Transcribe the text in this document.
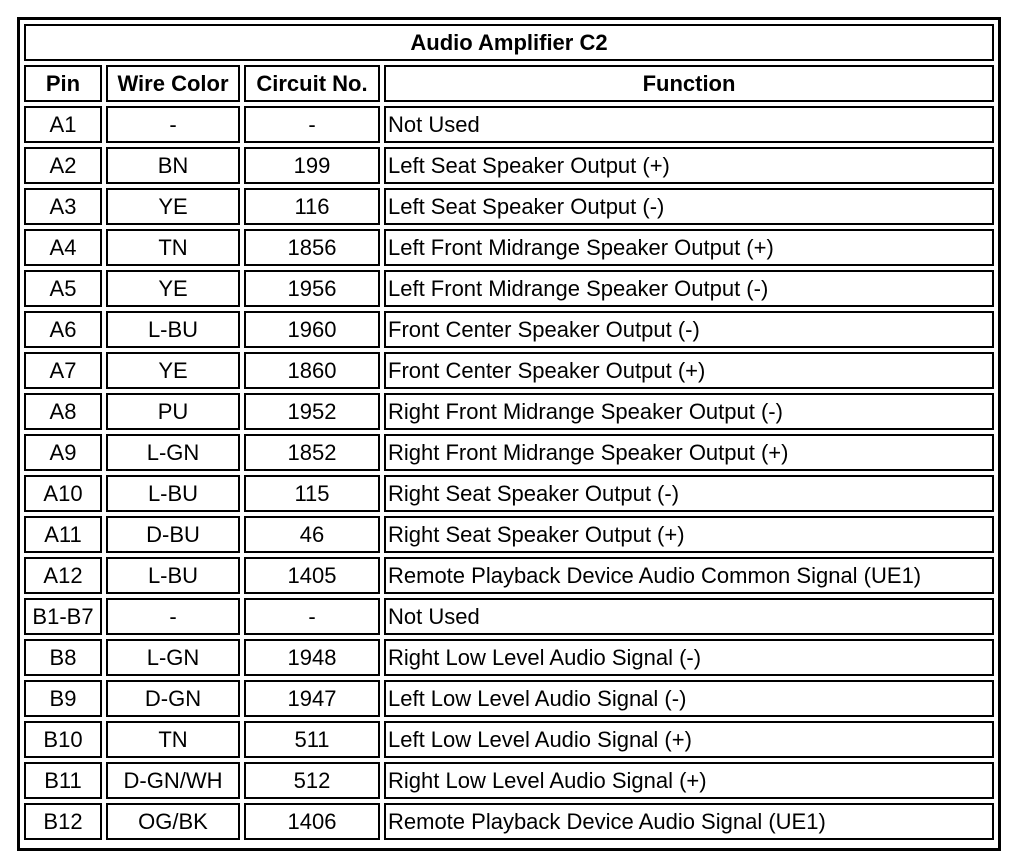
Audio Amplifier C2			
Pin	Wire Color	Circuit No.	Function
A1	-	-	Not Used
A2	BN	199	Left Seat Speaker Output (+)
A3	YE	116	Left Seat Speaker Output (-)
A4	TN	1856	Left Front Midrange Speaker Output (+)
A5	YE	1956	Left Front Midrange Speaker Output (-)
A6	L-BU	1960	Front Center Speaker Output (-)
A7	YE	1860	Front Center Speaker Output (+)
A8	PU	1952	Right Front Midrange Speaker Output (-)
A9	L-GN	1852	Right Front Midrange Speaker Output (+)
A10	L-BU	115	Right Seat Speaker Output (-)
A11	D-BU	46	Right Seat Speaker Output (+)
A12	L-BU	1405	Remote Playback Device Audio Common Signal (UE1)
B1-B7	-	-	Not Used
B8	L-GN	1948	Right Low Level Audio Signal (-)
B9	D-GN	1947	Left Low Level Audio Signal (-)
B10	TN	511	Left Low Level Audio Signal (+)
B11	D-GN/WH	512	Right Low Level Audio Signal (+)
B12	OG/BK	1406	Remote Playback Device Audio Signal (UE1)
